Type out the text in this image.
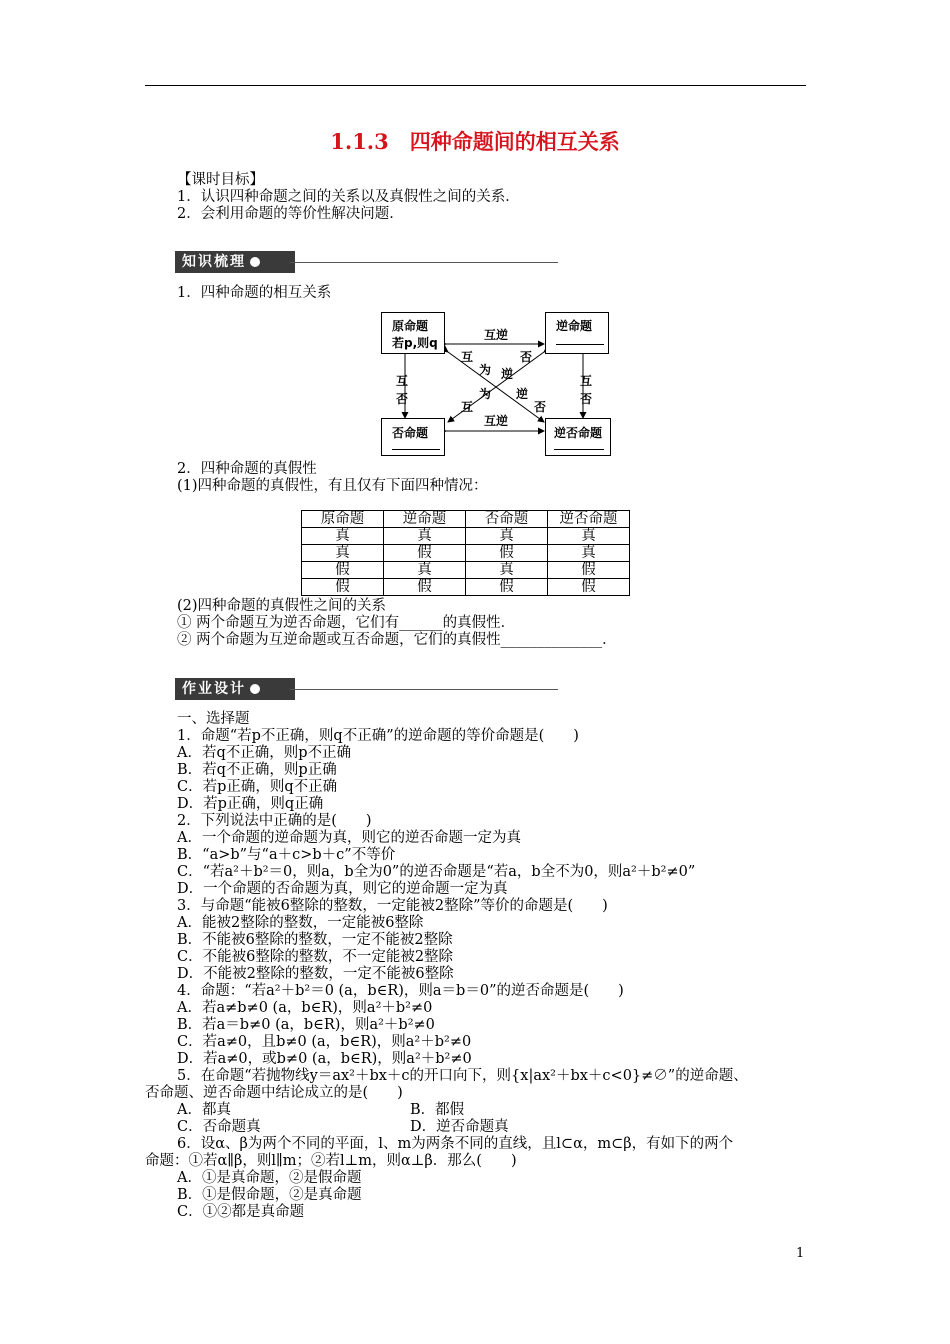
1.1.3　四种命题间的相互关系
【课时目标】
1．认识四种命题之间的关系以及真假性之间的关系．
2．会利用命题的等价性解决问题．
知识梳理
1．四种命题的相互关系
原命题
若p,则q
逆命题
否命题	逆否命题
互逆
互逆
互
否
互
否
互
为 逆
否
为
互
逆
否
2．四种命题的真假性
(1)四种命题的真假性，有且仅有下面四种情况：
原命题	逆命题	否命题	逆否命题
真	真	真	真
真	假	假	真
假	真	真	假
假	假	假	假
(2)四种命题的真假性之间的关系
① 两个命题互为逆否命题，它们有______的真假性．
② 两个命题为互逆命题或互否命题，它们的真假性______________．
作业设计
一、选择题
1．命题“若p不正确，则q不正确”的逆命题的等价命题是(　　)
A．若q不正确，则p不正确
B．若q不正确，则p正确
C．若p正确，则q不正确
D．若p正确，则q正确
2．下列说法中正确的是(　　)
A．一个命题的逆命题为真，则它的逆否命题一定为真
B．“a>b”与“a＋c>b＋c”不等价
C．“若a²＋b²＝0，则a，b全为0”的逆否命题是“若a，b全不为0，则a²＋b²≠0”
D．一个命题的否命题为真，则它的逆命题一定为真
3．与命题“能被6整除的整数，一定能被2整除”等价的命题是(　　)
A．能被2整除的整数，一定能被6整除
B．不能被6整除的整数，一定不能被2整除
C．不能被6整除的整数，不一定能被2整除
D．不能被2整除的整数，一定不能被6整除
4．命题：“若a²＋b²＝0 (a，b∈R)，则a＝b＝0”的逆否命题是(　　)
A．若a≠b≠0 (a，b∈R)，则a²＋b²≠0
B．若a＝b≠0 (a，b∈R)，则a²＋b²≠0
C．若a≠0，且b≠0 (a，b∈R)，则a²＋b²≠0
D．若a≠0，或b≠0 (a，b∈R)，则a²＋b²≠0
5．在命题“若抛物线y＝ax²＋bx＋c的开口向下，则{x|ax²＋bx＋c<0}≠∅”的逆命题、
否命题、逆否命题中结论成立的是(　　)
A．都真	B．都假
C．否命题真	D．逆否命题真
6．设α、β为两个不同的平面，l、m为两条不同的直线，且l⊂α，m⊂β，有如下的两个
命题：①若α∥β，则l∥m；②若l⊥m，则α⊥β．那么(　　)
A．①是真命题，②是假命题
B．①是假命题，②是真命题
C．①②都是真命题
1
